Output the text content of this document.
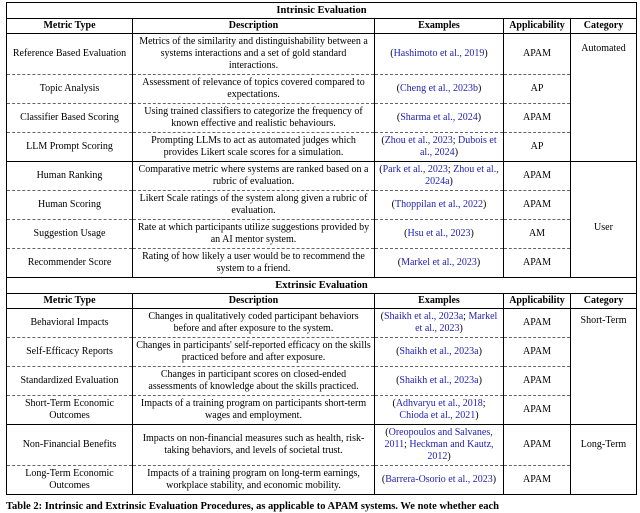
Intrinsic Evaluation				
Metric Type	Description	Examples	Applicability	Category
Reference Based Evaluation	Metrics of the similarity and distinguishability between a systems interactions and a set of gold standard interactions.	(Hashimoto et al., 2019)	APAM	Automated

Topic Analysis	Assessment of relevance of topics covered compared to expectations.	(Cheng et al., 2023b)	AP	
Classifier Based Scoring	Using trained classifiers to categorize the frequency of known effective and realistic behaviours.	(Sharma et al., 2024)	APAM	
LLM Prompt Scoring	Prompting LLMs to act as automated judges which provides Likert scale scores for a simulation.	(Zhou et al., 2023; Dubois et al., 2024)	AP	
Human Ranking	Comparative metric where systems are ranked based on a rubric of evaluation.	(Park et al., 2023; Zhou et al., 2024a)	APAM	User

Human Scoring	Likert Scale ratings of the system along given a rubric of evaluation.	(Thoppilan et al., 2022)	APAM	
Suggestion Usage	Rate at which participants utilize suggestions provided by an AI mentor system.	(Hsu et al., 2023)	AM	
Recommender Score	Rating of how likely a user would be to recommend the system to a friend.	(Markel et al., 2023)	APAM	
Extrinsic Evaluation				
Metric Type	Description	Examples	Applicability	Category
Behavioral Impacts	Changes in qualitatively coded participant behaviors before and after exposure to the system.	(Shaikh et al., 2023a; Markel et al., 2023)	APAM	Short-Term

Self-Efficacy Reports	Changes in participants' self-reported efficacy on the skills practiced before and after exposure.	(Shaikh et al., 2023a)	APAM	
Standardized Evaluation	Changes in participant scores on closed-ended assessments of knowledge about the skills practiced.	(Shaikh et al., 2023a)	APAM	
Short-Term Economic Outcomes	Impacts of a training program on participants short-term wages and employment.	(Adhvaryu et al., 2018; Chioda et al., 2021)	APAM	
Non-Financial Benefits	Impacts on non-financial measures such as health, risk-taking behaviors, and levels of societal trust.	(Oreopoulos and Salvanes, 2011; Heckman and Kautz, 2012)	APAM	Long-Term

Long-Term Economic Outcomes	Impacts of a training program on long-term earnings, workplace stability, and economic mobility.	(Barrera-Osorio et al., 2023)	APAM	
Table 2: Intrinsic and Extrinsic Evaluation Procedures, as applicable to APAM systems. We note whether each
